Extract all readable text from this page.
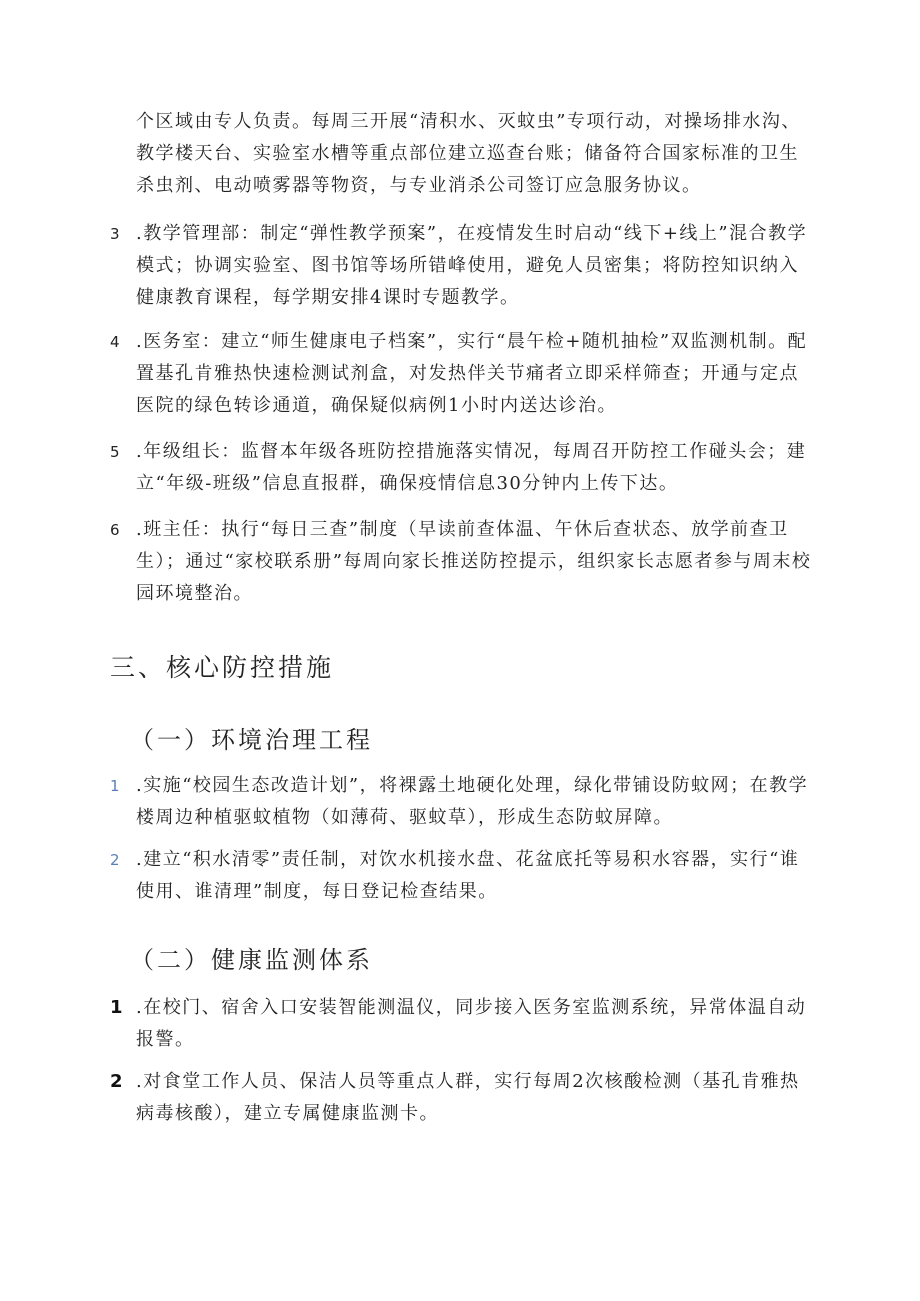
个区域由专人负责。每周三开展“清积水、灭蚊虫”专项行动，对操场排水沟、教学楼天台、实验室水槽等重点部位建立巡查台账；储备符合国家标准的卫生杀虫剂、电动喷雾器等物资，与专业消杀公司签订应急服务协议。

3 .教学管理部：制定“弹性教学预案”，在疫情发生时启动“线下+线上”混合教学模式；协调实验室、图书馆等场所错峰使用，避免人员密集；将防控知识纳入健康教育课程，每学期安排4课时专题教学。
4 .医务室：建立“师生健康电子档案”，实行“晨午检+随机抽检”双监测机制。配置基孔肯雅热快速检测试剂盒，对发热伴关节痛者立即采样筛查；开通与定点医院的绿色转诊通道，确保疑似病例1小时内送达诊治。
5 .年级组长：监督本年级各班防控措施落实情况，每周召开防控工作碰头会；建立“年级-班级”信息直报群，确保疫情信息30分钟内上传下达。
6 .班主任：执行“每日三查”制度（早读前查体温、午休后查状态、放学前查卫生）；通过“家校联系册”每周向家长推送防控提示，组织家长志愿者参与周末校园环境整治。
三、核心防控措施
（一）环境治理工程
1 .实施“校园生态改造计划”，将裸露土地硬化处理，绿化带铺设防蚊网；在教学楼周边种植驱蚊植物（如薄荷、驱蚊草），形成生态防蚊屏障。
2 .建立“积水清零”责任制，对饮水机接水盘、花盆底托等易积水容器，实行“谁使用、谁清理”制度，每日登记检查结果。
（二）健康监测体系
1 .在校门、宿舍入口安装智能测温仪，同步接入医务室监测系统，异常体温自动报警。
2 .对食堂工作人员、保洁人员等重点人群，实行每周2次核酸检测（基孔肯雅热病毒核酸），建立专属健康监测卡。
